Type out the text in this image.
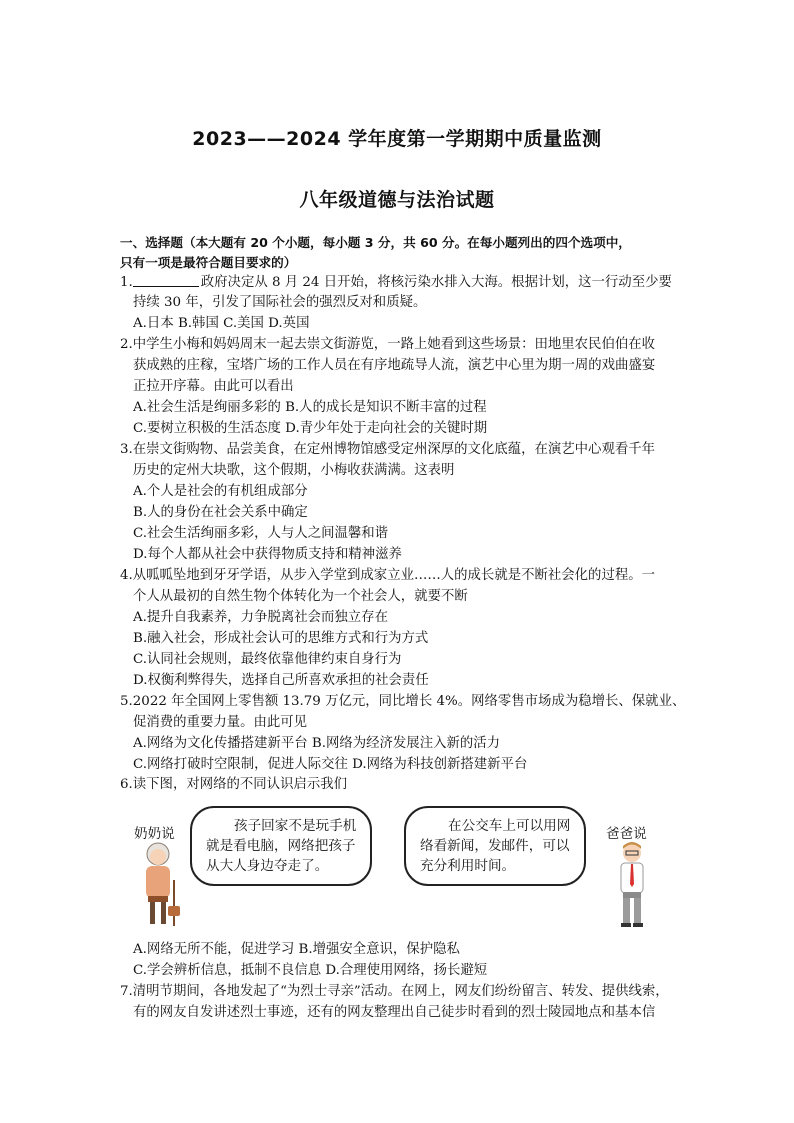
2023——2024 学年度第一学期期中质量监测
八年级道德与法治试题
一、选择题（本大题有 20 个小题，每小题 3 分，共 60 分。在每小题列出的四个选项中，
只有一项是最符合题目要求的）
1.	政府决定从 8 月 24 日开始，将核污染水排入大海。根据计划，这一行动至少要
持续 30 年，引发了国际社会的强烈反对和质疑。
A.日本 B.韩国 C.美国 D.英国
2.中学生小梅和妈妈周末一起去崇文街游览，一路上她看到这些场景：田地里农民伯伯在收
获成熟的庄稼，宝塔广场的工作人员在有序地疏导人流，演艺中心里为期一周的戏曲盛宴
正拉开序幕。由此可以看出
A.社会生活是绚丽多彩的 B.人的成长是知识不断丰富的过程
C.要树立积极的生活态度 D.青少年处于走向社会的关键时期
3.在崇文街购物、品尝美食，在定州博物馆感受定州深厚的文化底蕴，在演艺中心观看千年
历史的定州大块歌，这个假期，小梅收获满满。这表明
A.个人是社会的有机组成部分
B.人的身份在社会关系中确定
C.社会生活绚丽多彩，人与人之间温馨和谐
D.每个人都从社会中获得物质支持和精神滋养
4.从呱呱坠地到牙牙学语，从步入学堂到成家立业……人的成长就是不断社会化的过程。一
个人从最初的自然生物个体转化为一个社会人，就要不断
A.提升自我素养，力争脱离社会而独立存在
B.融入社会，形成社会认可的思维方式和行为方式
C.认同社会规则，最终依靠他律约束自身行为
D.权衡利弊得失，选择自己所喜欢承担的社会责任
5.2022 年全国网上零售额 13.79 万亿元，同比增长 4%。网络零售市场成为稳增长、保就业、
促消费的重要力量。由此可见
A.网络为文化传播搭建新平台 B.网络为经济发展注入新的活力
C.网络打破时空限制，促进人际交往 D.网络为科技创新搭建新平台
6.读下图，对网络的不同认识启示我们
奶奶说	孩子回家不是玩手机
就是看电脑，网络把孩子
从大人身边夺走了。
在公交车上可以用网
络看新闻，发邮件，可以
充分利用时间。
爸爸说
A.网络无所不能，促进学习 B.增强安全意识，保护隐私
C.学会辨析信息，抵制不良信息 D.合理使用网络，扬长避短
7.清明节期间，各地发起了“为烈士寻亲”活动。在网上，网友们纷纷留言、转发、提供线索，
有的网友自发讲述烈士事迹，还有的网友整理出自己徒步时看到的烈士陵园地点和基本信
